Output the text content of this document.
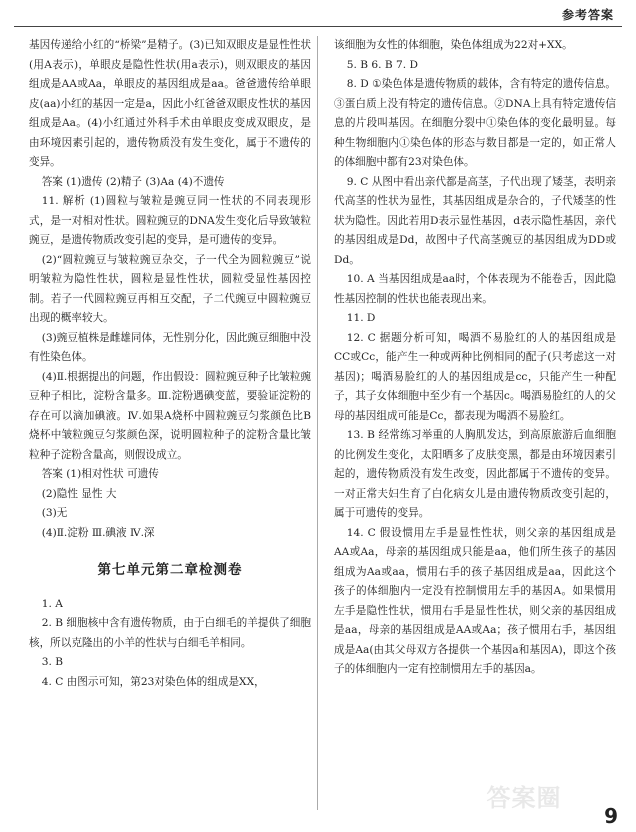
参考答案

基因传递给小红的“桥梁”是精子。(3)已知双眼皮是显性性状(用A表示)，单眼皮是隐性性状(用a表示)，则双眼皮的基因组成是AA或Aa，单眼皮的基因组成是aa。爸爸遗传给单眼皮(aa)小红的基因一定是a，因此小红爸爸双眼皮性状的基因组成是Aa。(4)小红通过外科手术由单眼皮变成双眼皮，是由环境因素引起的，遗传物质没有发生变化，属于不遗传的变异。

答案 (1)遗传 (2)精子 (3)Aa (4)不遗传

11. 解析 (1)圆粒与皱粒是豌豆同一性状的不同表现形式，是一对相对性状。圆粒豌豆的DNA发生变化后导致皱粒豌豆，是遗传物质改变引起的变异，是可遗传的变异。

(2)“圆粒豌豆与皱粒豌豆杂交，子一代全为圆粒豌豆”说明皱粒为隐性性状，圆粒是显性性状，圆粒受显性基因控制。若子一代圆粒豌豆再相互交配，子二代豌豆中圆粒豌豆出现的概率较大。

(3)豌豆植株是雌雄同体，无性别分化，因此豌豆细胞中没有性染色体。

(4)Ⅱ.根据提出的问题，作出假设：圆粒豌豆种子比皱粒豌豆种子相比，淀粉含量多。Ⅲ.淀粉遇碘变蓝，要验证淀粉的存在可以滴加碘液。Ⅳ.如果A烧杯中圆粒豌豆匀浆颜色比B烧杯中皱粒豌豆匀浆颜色深，说明圆粒种子的淀粉含量比皱粒种子淀粉含量高，则假设成立。

答案 (1)相对性状 可遗传

(2)隐性 显性 大

(3)无

(4)Ⅱ.淀粉 Ⅲ.碘液 Ⅳ.深

第七单元第二章检测卷

1. A

2. B 细胞核中含有遗传物质，由于白细毛的羊提供了细胞核，所以克隆出的小羊的性状与白细毛羊相同。

3. B

4. C 由图示可知，第23对染色体的组成是XX，

该细胞为女性的体细胞，染色体组成为22对+XX。

5. B 6. B 7. D

8. D ①染色体是遗传物质的载体，含有特定的遗传信息。③蛋白质上没有特定的遗传信息。②DNA上具有特定遗传信息的片段叫基因。在细胞分裂中①染色体的变化最明显。每种生物细胞内①染色体的形态与数目都是一定的，如正常人的体细胞中都有23对染色体。

9. C 从图中看出亲代都是高茎，子代出现了矮茎，表明亲代高茎的性状为显性，其基因组成是杂合的，子代矮茎的性状为隐性。因此若用D表示显性基因，d表示隐性基因，亲代的基因组成是Dd，故图中子代高茎豌豆的基因组成为DD或Dd。

10. A 当基因组成是aa时，个体表现为不能卷舌，因此隐性基因控制的性状也能表现出来。

11. D

12. C 据题分析可知，喝酒不易脸红的人的基因组成是CC或Cc，能产生一种或两种比例相同的配子(只考虑这一对基因)；喝酒易脸红的人的基因组成是cc，只能产生一种配子，其子女体细胞中至少有一个基因c。喝酒易脸红的人的父母的基因组成可能是Cc，都表现为喝酒不易脸红。

13. B 经常练习举重的人胸肌发达，到高原旅游后血细胞的比例发生变化，太阳晒多了皮肤变黑，都是由环境因素引起的，遗传物质没有发生改变，因此都属于不遗传的变异。一对正常夫妇生育了白化病女儿是由遗传物质改变引起的，属于可遗传的变异。

14. C 假设惯用左手是显性性状，则父亲的基因组成是AA或Aa，母亲的基因组成只能是aa，他们所生孩子的基因组成为Aa或aa，惯用右手的孩子基因组成是aa，因此这个孩子的体细胞内一定没有控制惯用左手的基因A。如果惯用左手是隐性性状，惯用右手是显性性状，则父亲的基因组成是aa，母亲的基因组成是AA或Aa；孩子惯用右手，基因组成是Aa(由其父母双方各提供一个基因a和基因A)，即这个孩子的体细胞内一定有控制惯用左手的基因a。

答案圈
9
